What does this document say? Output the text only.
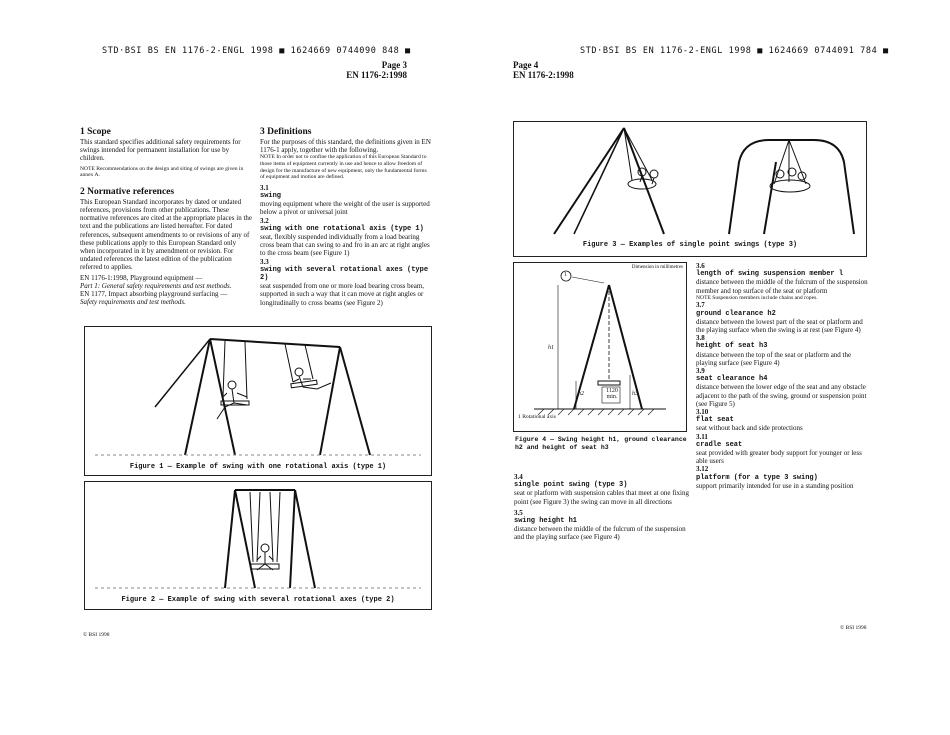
STD·BSI BS EN 1176-2-ENGL 1998 ■ 1624669 0744090 848 ■
Page 3
EN 1176-2:1998
1 Scope

This standard specifies additional safety requirements for swings intended for permanent installation for use by children.

NOTE Recommendations on the design and siting of swings are given in annex A.

2 Normative references

This European Standard incorporates by dated or undated references, provisions from other publications. These normative references are cited at the appropriate places in the text and the publications are listed hereafter. For dated references, subsequent amendments to or revisions of any of these publications apply to this European Standard only when incorporated in it by amendment or revision. For undated references the latest edition of the publication referred to applies.

EN 1176-1:1998, Playground equipment —
Part 1: General safety requirements and test methods.

EN 1177, Impact absorbing playground surfacing —
Safety requirements and test methods.

3 Definitions

For the purposes of this standard, the definitions given in EN 1176-1 apply, together with the following.

NOTE In order not to confine the application of this European Standard to those items of equipment currently in use and hence to allow freedom of design for the manufacture of new equipment, only the fundamental forms of equipment and motion are defined.

3.1

swing

moving equipment where the weight of the user is supported below a pivot or universal joint

3.2

swing with one rotational axis (type 1)

seat, flexibly suspended individually from a load bearing cross beam that can swing to and fro in an arc at right angles to the cross beam (see Figure 1)

3.3

swing with several rotational axes (type 2)

seat suspended from one or more load bearing cross beam, supported in such a way that it can move at right angles or longitudinally to cross beams (see Figure 2)

Figure 1 — Example of swing with one rotational axis (type 1)
Figure 2 — Example of swing with several rotational axes (type 2)
© BSI 1998
STD·BSI BS EN 1176-2-ENGL 1998 ■ 1624669 0744091 784 ■
Page 4
EN 1176-2:1998
Figure 3 — Examples of single point swings (type 3)
Dimension in millimetres
1
h1
h2	h3
1120
min.
1 Rotational axis
Figure 4 — Swing height h1, ground clearance
h2 and height of seat h3

3.4

single point swing (type 3)

seat or platform with suspension cables that meet at one fixing point (see Figure 3) the swing can move in all directions

3.5

swing height h1

distance between the middle of the fulcrum of the suspension and the playing surface (see Figure 4)

3.6

length of swing suspension member l

distance between the middle of the fulcrum of the suspension member and top surface of the seat or platform

NOTE Suspension members include chains and ropes.

3.7

ground clearance h2

distance between the lowest part of the seat or platform and the playing surface when the swing is at rest (see Figure 4)

3.8

height of seat h3

distance between the top of the seat or platform and the playing surface (see Figure 4)

3.9

seat clearance h4

distance between the lower edge of the seat and any obstacle adjacent to the path of the swing, ground or suspension point (see Figure 5)

3.10

flat seat

seat without back and side protections

3.11

cradle seat

seat provided with greater body support for younger or less able users

3.12

platform (for a type 3 swing)

support primarily intended for use in a standing position

© BSI 1998
